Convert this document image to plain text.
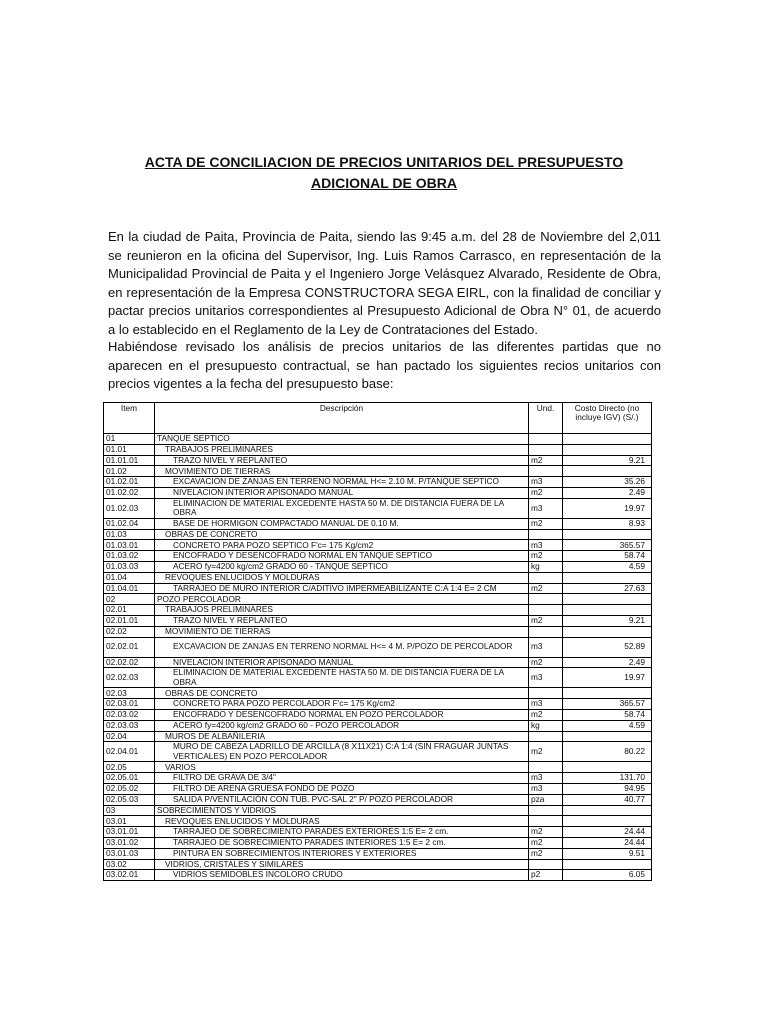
ACTA DE CONCILIACION DE PRECIOS UNITARIOS DEL PRESUPUESTO
ADICIONAL DE OBRA
En la ciudad de Paita, Provincia de Paita, siendo las 9:45 a.m. del 28 de Noviembre del 2,011 se reunieron en la oficina del Supervisor, Ing. Luis Ramos Carrasco, en representación de la Municipalidad Provincial de Paita y el Ingeniero Jorge Velásquez Alvarado, Residente de Obra, en representación de la Empresa CONSTRUCTORA SEGA EIRL, con la finalidad de conciliar y pactar precios unitarios correspondientes al Presupuesto Adicional de Obra N° 01, de acuerdo a lo establecido en el Reglamento de la Ley de Contrataciones del Estado.
Habiéndose revisado los análisis de precios unitarios de las diferentes partidas que no aparecen en el presupuesto contractual, se han pactado los siguientes recios unitarios con precios vigentes a la fecha del presupuesto base:
Item	Descripción	Und.	Costo Directo (no incluye IGV) (S/.)
01	TANQUE SEPTICO		
01.01	TRABAJOS PRELIMINARES		
01.01.01	TRAZO NIVEL Y REPLANTEO	m2	9.21
01.02	MOVIMIENTO DE TIERRAS		
01.02.01	EXCAVACION DE ZANJAS EN TERRENO NORMAL H<= 2.10 M. P/TANQUE SEPTICO	m3	35.26
01.02.02	NIVELACION INTERIOR APISONADO MANUAL	m2	2.49
01.02.03	ELIMINACION DE MATERIAL EXCEDENTE HASTA 50 M. DE DISTANCIA FUERA DE LA OBRA	m3	19.97
01.02.04	BASE DE HORMIGON COMPACTADO MANUAL DE 0.10 M.	m2	8.93
01.03	OBRAS DE CONCRETO		
01.03.01	CONCRETO PARA POZO SEPTICO F'c= 175 Kg/cm2	m3	365.57
01.03.02	ENCOFRADO Y DESENCOFRADO NORMAL EN TANQUE SEPTICO	m2	58.74
01.03.03	ACERO fy=4200 kg/cm2 GRADO 60 - TANQUE SEPTICO	kg	4.59
01.04	REVOQUES ENLUCIDOS Y MOLDURAS		
01.04.01	TARRAJEO DE MURO INTERIOR C/ADITIVO IMPERMEABILIZANTE C:A 1:4 E= 2 CM	m2	27.63
02	POZO PERCOLADOR		
02.01	TRABAJOS PRELIMINARES		
02.01.01	TRAZO NIVEL Y REPLANTEO	m2	9.21
02.02	MOVIMIENTO DE TIERRAS		
02.02.01	EXCAVACION DE ZANJAS EN TERRENO NORMAL H<= 4 M. P/POZO DE PERCOLADOR	m3	52.89
02.02.02	NIVELACION INTERIOR APISONADO MANUAL	m2	2.49
02.02.03	ELIMINACION DE MATERIAL EXCEDENTE HASTA 50 M. DE DISTANCIA FUERA DE LA OBRA	m3	19.97
02.03	OBRAS DE CONCRETO		
02.03.01	CONCRETO PARA POZO PERCOLADOR F'c= 175 Kg/cm2	m3	365.57
02.03.02	ENCOFRADO Y DESENCOFRADO NORMAL EN POZO PERCOLADOR	m2	58.74
02.03.03	ACERO fy=4200 kg/cm2 GRADO 60 - POZO PERCOLADOR	kg	4.59
02.04	MUROS DE ALBAÑILERIA		
02.04.01	MURO DE CABEZA LADRILLO DE ARCILLA (8 X11X21) C:A 1:4 (SIN FRAGUAR JUNTAS VERTICALES) EN POZO PERCOLADOR	m2	80.22
02.05	VARIOS		
02.05.01	FILTRO DE GRAVA DE 3/4"	m3	131.70
02.05.02	FILTRO DE ARENA GRUESA FONDO DE POZO	m3	94.95
02.05.03	SALIDA P/VENTILACIÓN CON TUB. PVC-SAL 2" P/ POZO PERCOLADOR	pza	40.77
03	SOBRECIMIENTOS Y VIDRIOS		
03.01	REVOQUES ENLUCIDOS Y MOLDURAS		
03.01.01	TARRAJEO DE SOBRECIMIENTO PARADES EXTERIORES 1:5 E= 2 cm.	m2	24.44
03.01.02	TARRAJEO DE SOBRECIMIENTO PARADES INTERIORES 1:5 E= 2 cm.	m2	24.44
03.01.03	PINTURA EN SOBRECIMIENTOS INTERIORES Y EXTERIORES	m2	9.51
03.02	VIDRIOS, CRISTALES Y SIMILARES		
03.02.01	VIDRIOS SEMIDOBLES INCOLORO CRUDO	p2	6.05
